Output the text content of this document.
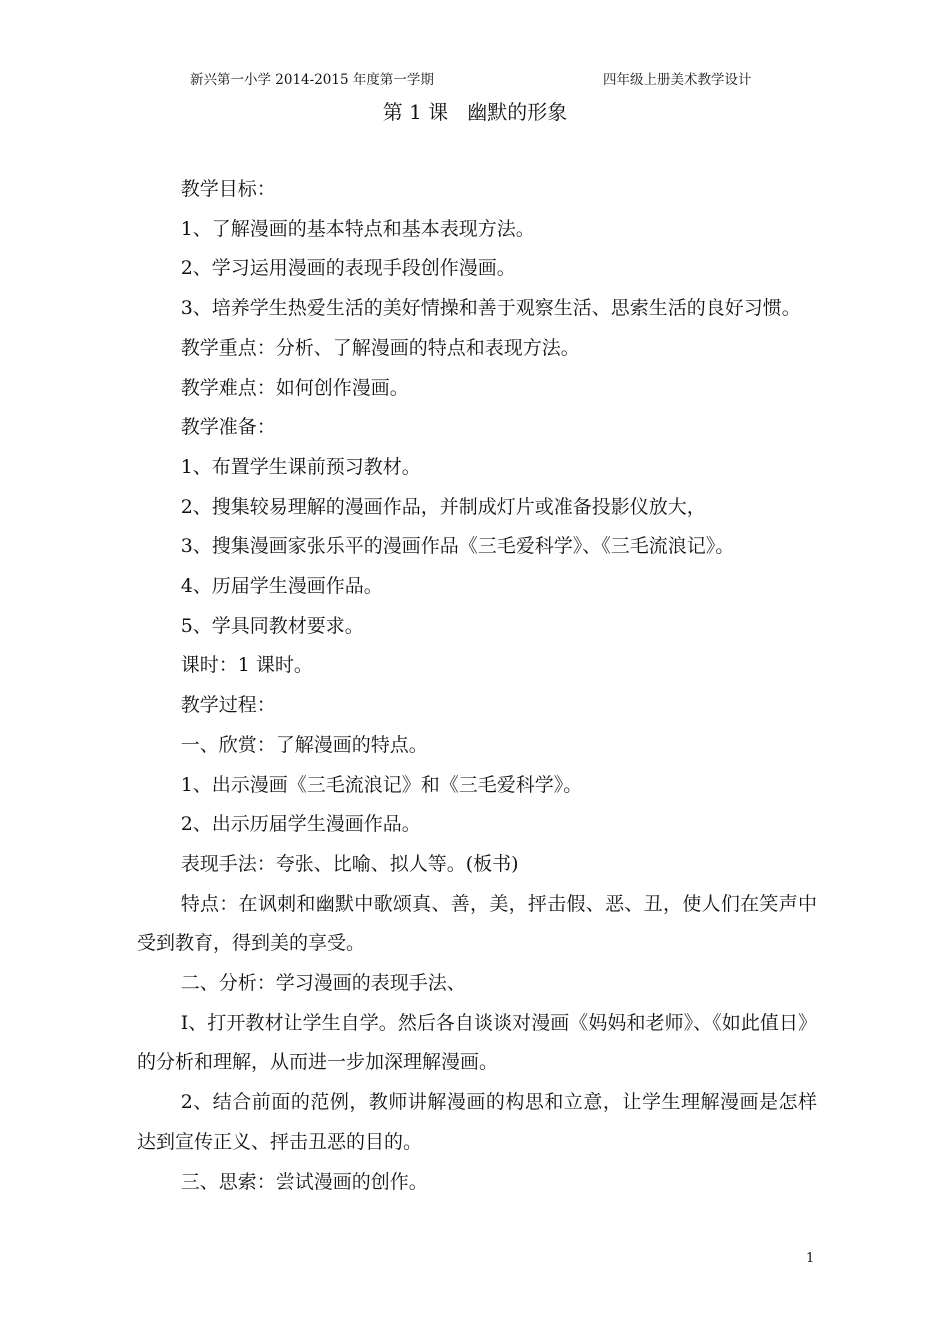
新兴第一小学 2014-2015 年度第一学期	四年级上册美术教学设计
第 1 课   幽默的形象

教学目标：

1、了解漫画的基本特点和基本表现方法。

2、学习运用漫画的表现手段创作漫画。

3、培养学生热爱生活的美好情操和善于观察生活、思索生活的良好习惯。

教学重点：分析、了解漫画的特点和表现方法。

教学难点：如何创作漫画。

教学准备：

1、布置学生课前预习教材。

2、搜集较易理解的漫画作品，并制成灯片或准备投影仪放大，

3、搜集漫画家张乐平的漫画作品《三毛爱科学》、《三毛流浪记》。

4、历届学生漫画作品。

5、学具同教材要求。

课时：1 课时。

教学过程：

一、欣赏：了解漫画的特点。

1、出示漫画《三毛流浪记》和《三毛爱科学》。

2、出示历届学生漫画作品。

表现手法：夸张、比喻、拟人等。(板书)

特点：在讽刺和幽默中歌颂真、善，美，抨击假、恶、丑，使人们在笑声中受到教育，得到美的享受。

二、分析：学习漫画的表现手法、

I、打开教材让学生自学。然后各自谈谈对漫画《妈妈和老师》、《如此值日》的分析和理解，从而进一步加深理解漫画。

2、结合前面的范例，教师讲解漫画的构思和立意，让学生理解漫画是怎样达到宣传正义、抨击丑恶的目的。

三、思索：尝试漫画的创作。

1
